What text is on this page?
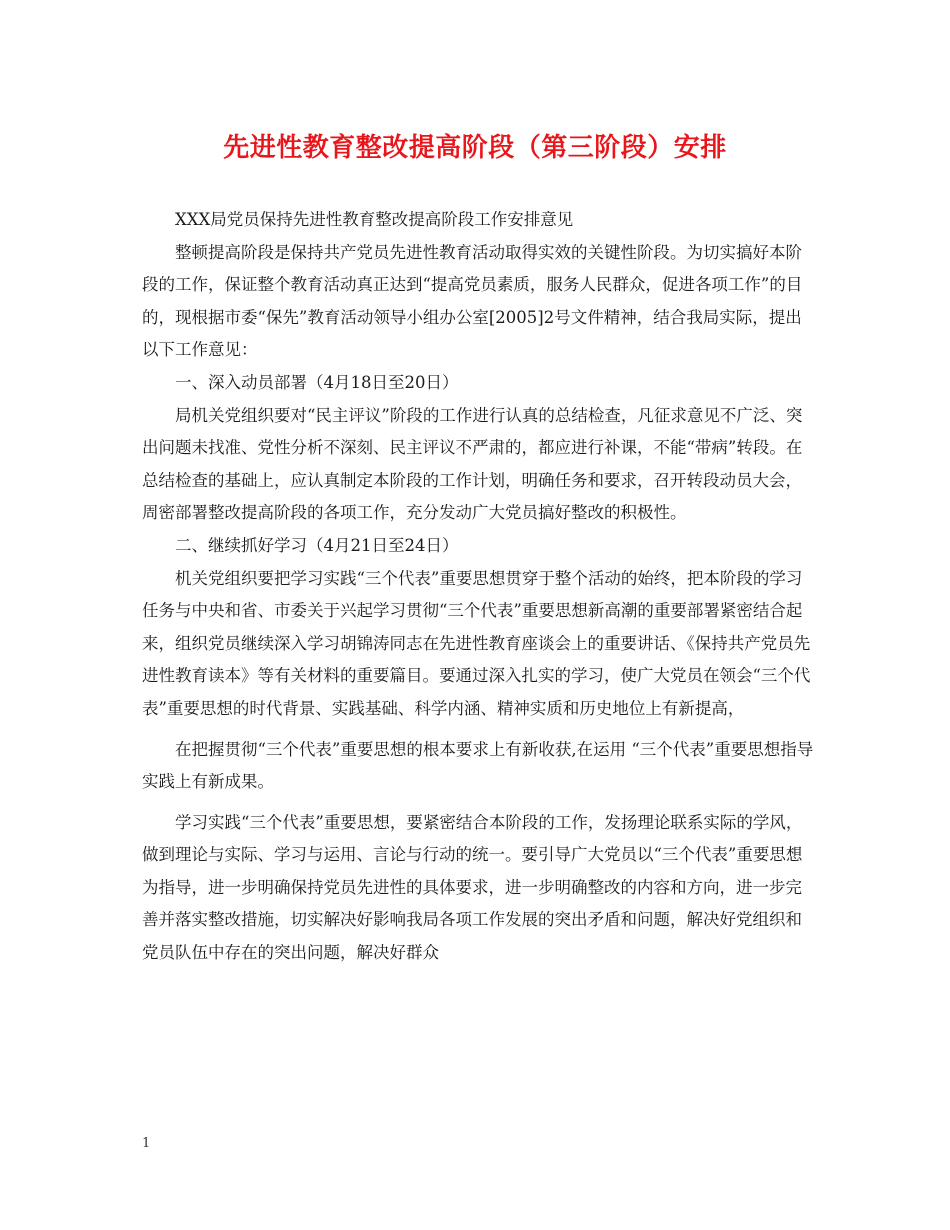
先进性教育整改提高阶段（第三阶段）安排

XXX局党员保持先进性教育整改提高阶段工作安排意见

整顿提高阶段是保持共产党员先进性教育活动取得实效的关键性阶段。为切实搞好本阶段的工作，保证整个教育活动真正达到“提高党员素质，服务人民群众，促进各项工作”的目的，现根据市委“保先”教育活动领导小组办公室[2005]2号文件精神，结合我局实际，提出以下工作意见：

一、深入动员部署（4月18日至20日）

局机关党组织要对“民主评议”阶段的工作进行认真的总结检查，凡征求意见不广泛、突出问题未找准、党性分析不深刻、民主评议不严肃的，都应进行补课，不能“带病”转段。在总结检查的基础上，应认真制定本阶段的工作计划，明确任务和要求，召开转段动员大会，周密部署整改提高阶段的各项工作，充分发动广大党员搞好整改的积极性。

二、继续抓好学习（4月21日至24日）

机关党组织要把学习实践“三个代表”重要思想贯穿于整个活动的始终，把本阶段的学习任务与中央和省、市委关于兴起学习贯彻“三个代表”重要思想新高潮的重要部署紧密结合起来，组织党员继续深入学习胡锦涛同志在先进性教育座谈会上的重要讲话、《保持共产党员先进性教育读本》等有关材料的重要篇目。要通过深入扎实的学习，使广大党员在领会“三个代表”重要思想的时代背景、实践基础、科学内涵、精神实质和历史地位上有新提高，

在把握贯彻“三个代表”重要思想的根本要求上有新收获,在运用 “三个代表”重要思想指导实践上有新成果。

学习实践“三个代表”重要思想，要紧密结合本阶段的工作，发扬理论联系实际的学风，做到理论与实际、学习与运用、言论与行动的统一。要引导广大党员以“三个代表”重要思想为指导，进一步明确保持党员先进性的具体要求，进一步明确整改的内容和方向，进一步完善并落实整改措施，切实解决好影响我局各项工作发展的突出矛盾和问题，解决好党组织和党员队伍中存在的突出问题，解决好群众

1
